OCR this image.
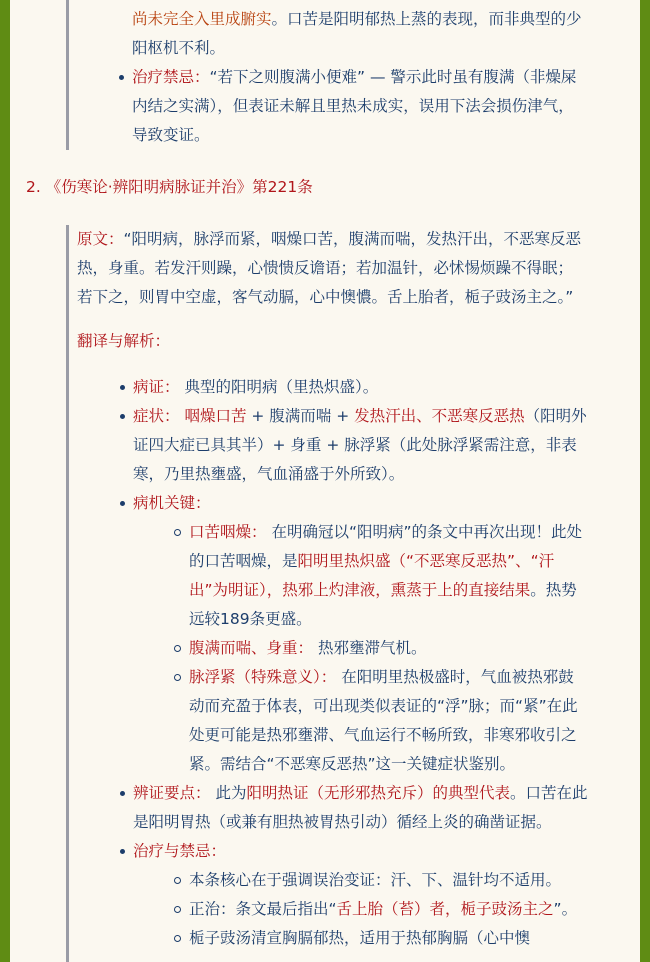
尚未完全入里成腑实。口苦是阳明郁热上蒸的表现，而非典型的少阳枢机不利。
治疗禁忌：“若下之则腹满小便难” — 警示此时虽有腹满（非燥屎内结之实满），但表证未解且里热未成实，误用下法会损伤津气，导致变证。
2. 《伤寒论·辨阳明病脉证并治》第221条
原文：“阳明病，脉浮而紧，咽燥口苦，腹满而喘，发热汗出，不恶寒反恶热，身重。若发汗则躁，心愦愦反谵语；若加温针，必怵惕烦躁不得眠；若下之，则胃中空虚，客气动膈，心中懊憹。舌上胎者，栀子豉汤主之。”
翻译与解析：
病证： 典型的阳明病（里热炽盛）。
症状： 咽燥口苦 + 腹满而喘 + 发热汗出、不恶寒反恶热（阳明外证四大症已具其半）+ 身重 + 脉浮紧（此处脉浮紧需注意，非表寒，乃里热壅盛，气血涌盛于外所致）。
病机关键：
口苦咽燥： 在明确冠以“阳明病”的条文中再次出现！此处的口苦咽燥，是阳明里热炽盛（“不恶寒反恶热”、“汗出”为明证），热邪上灼津液，熏蒸于上的直接结果。热势远较189条更盛。
腹满而喘、身重： 热邪壅滞气机。
脉浮紧（特殊意义）： 在阳明里热极盛时，气血被热邪鼓动而充盈于体表，可出现类似表证的“浮”脉；而“紧”在此处更可能是热邪壅滞、气血运行不畅所致，非寒邪收引之紧。需结合“不恶寒反恶热”这一关键症状鉴别。
辨证要点： 此为阳明热证（无形邪热充斥）的典型代表。口苦在此是阳明胃热（或兼有胆热被胃热引动）循经上炎的确凿证据。
治疗与禁忌：
本条核心在于强调误治变证：汗、下、温针均不适用。
正治：条文最后指出“舌上胎（苔）者，栀子豉汤主之”。
栀子豉汤清宣胸膈郁热，适用于热郁胸膈（心中懊
